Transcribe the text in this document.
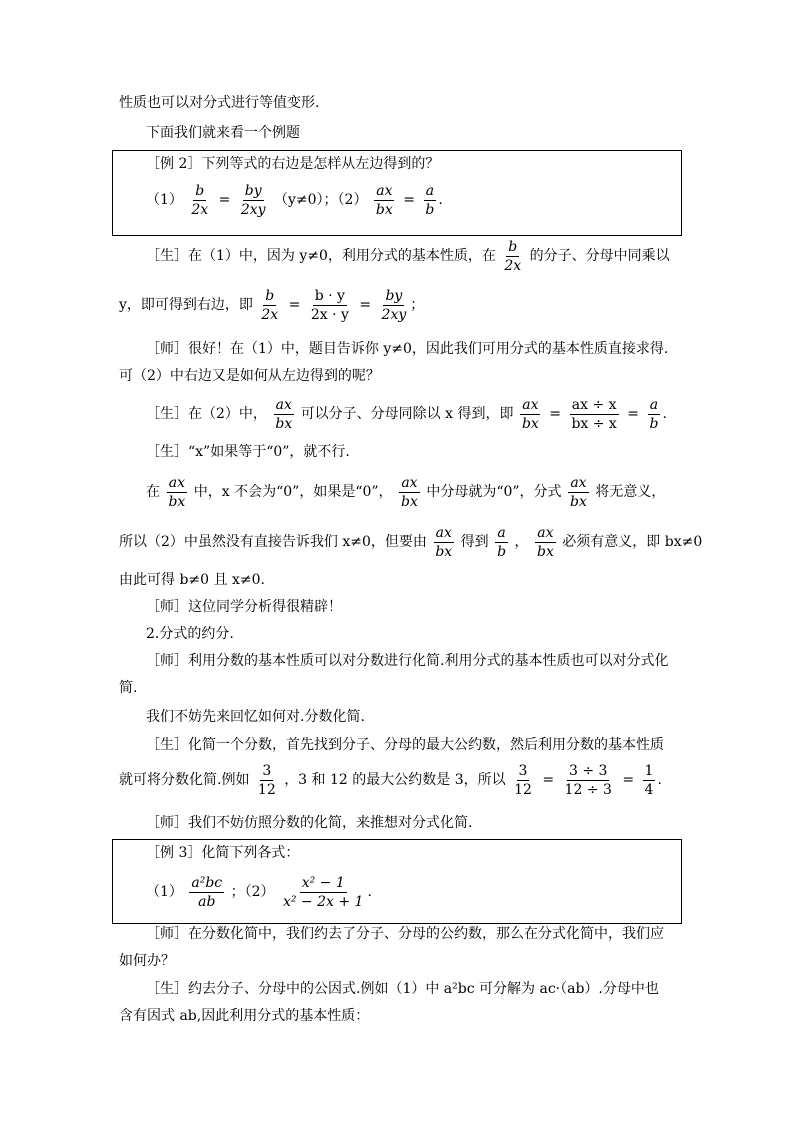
性质也可以对分式进行等值变形.
下面我们就来看一个例题
［例 2］下列等式的右边是怎样从左边得到的？
$(1) \frac{b}{2x} = \frac{by}{2xy} (y\ne 0)$；$(2) \frac{ax}{bx} = \frac{a}{b}$ .
［生］在（1）中，因为 y≠0，利用分式的基本性质，在 $\frac{b}{2x}$ 的分子、分母中同乘以
y，即可得到右边，即 $\frac{b}{2x} = \frac{b \cdot y}{2x \cdot y} = \frac{by}{2xy}$ ；
［师］很好！在（1）中，题目告诉你 y≠0，因此我们可用分式的基本性质直接求得.
可（2）中右边又是如何从左边得到的呢？
［生］在（2）中， $\frac{ax}{bx}$ 可以分子、分母同除以 x 得到，即 $\frac{ax}{bx} = \frac{ax \div x}{bx \div x} = \frac{a}{b}$ .
［生］“x”如果等于“0”，就不行.
在 $\frac{ax}{bx}$ 中，x 不会为“0”，如果是“0”， $\frac{ax}{bx}$ 中分母就为“0”，分式 $\frac{ax}{bx}$ 将无意义，
所以（2）中虽然没有直接告诉我们 x≠0，但要由 $\frac{ax}{bx}$ 得到 $\frac{a}{b}$ ， $\frac{ax}{bx}$ 必须有意义，即 bx≠0
由此可得 b≠0 且 x≠0.
［师］这位同学分析得很精辟！
2.分式的约分.
［师］利用分数的基本性质可以对分数进行化简.利用分式的基本性质也可以对分式化
简.
我们不妨先来回忆如何对.分数化简.
［生］化简一个分数，首先找到分子、分母的最大公约数，然后利用分数的基本性质
就可将分数化简.例如 $\frac{3}{12}$ ，3 和 12 的最大公约数是 3，所以 $\frac{3}{12} = \frac{3 \div 3}{12 \div 3} = \frac{1}{4}$ .
［师］我们不妨仿照分数的化简，来推想对分式化简.
［例 3］化简下列各式：
$(1) \frac{\text{a²bc}}{ab}$ ；$(2) \frac{\text{x² − 1}}{\text{x² − 2x + 1}}$ .
［师］在分数化简中，我们约去了分子、分母的公约数，那么在分式化简中，我们应
如何办？
［生］约去分子、分母中的公因式.例如（1）中 a²bc 可分解为 ac·（ab）.分母中也
含有因式 ab,因此利用分式的基本性质：
